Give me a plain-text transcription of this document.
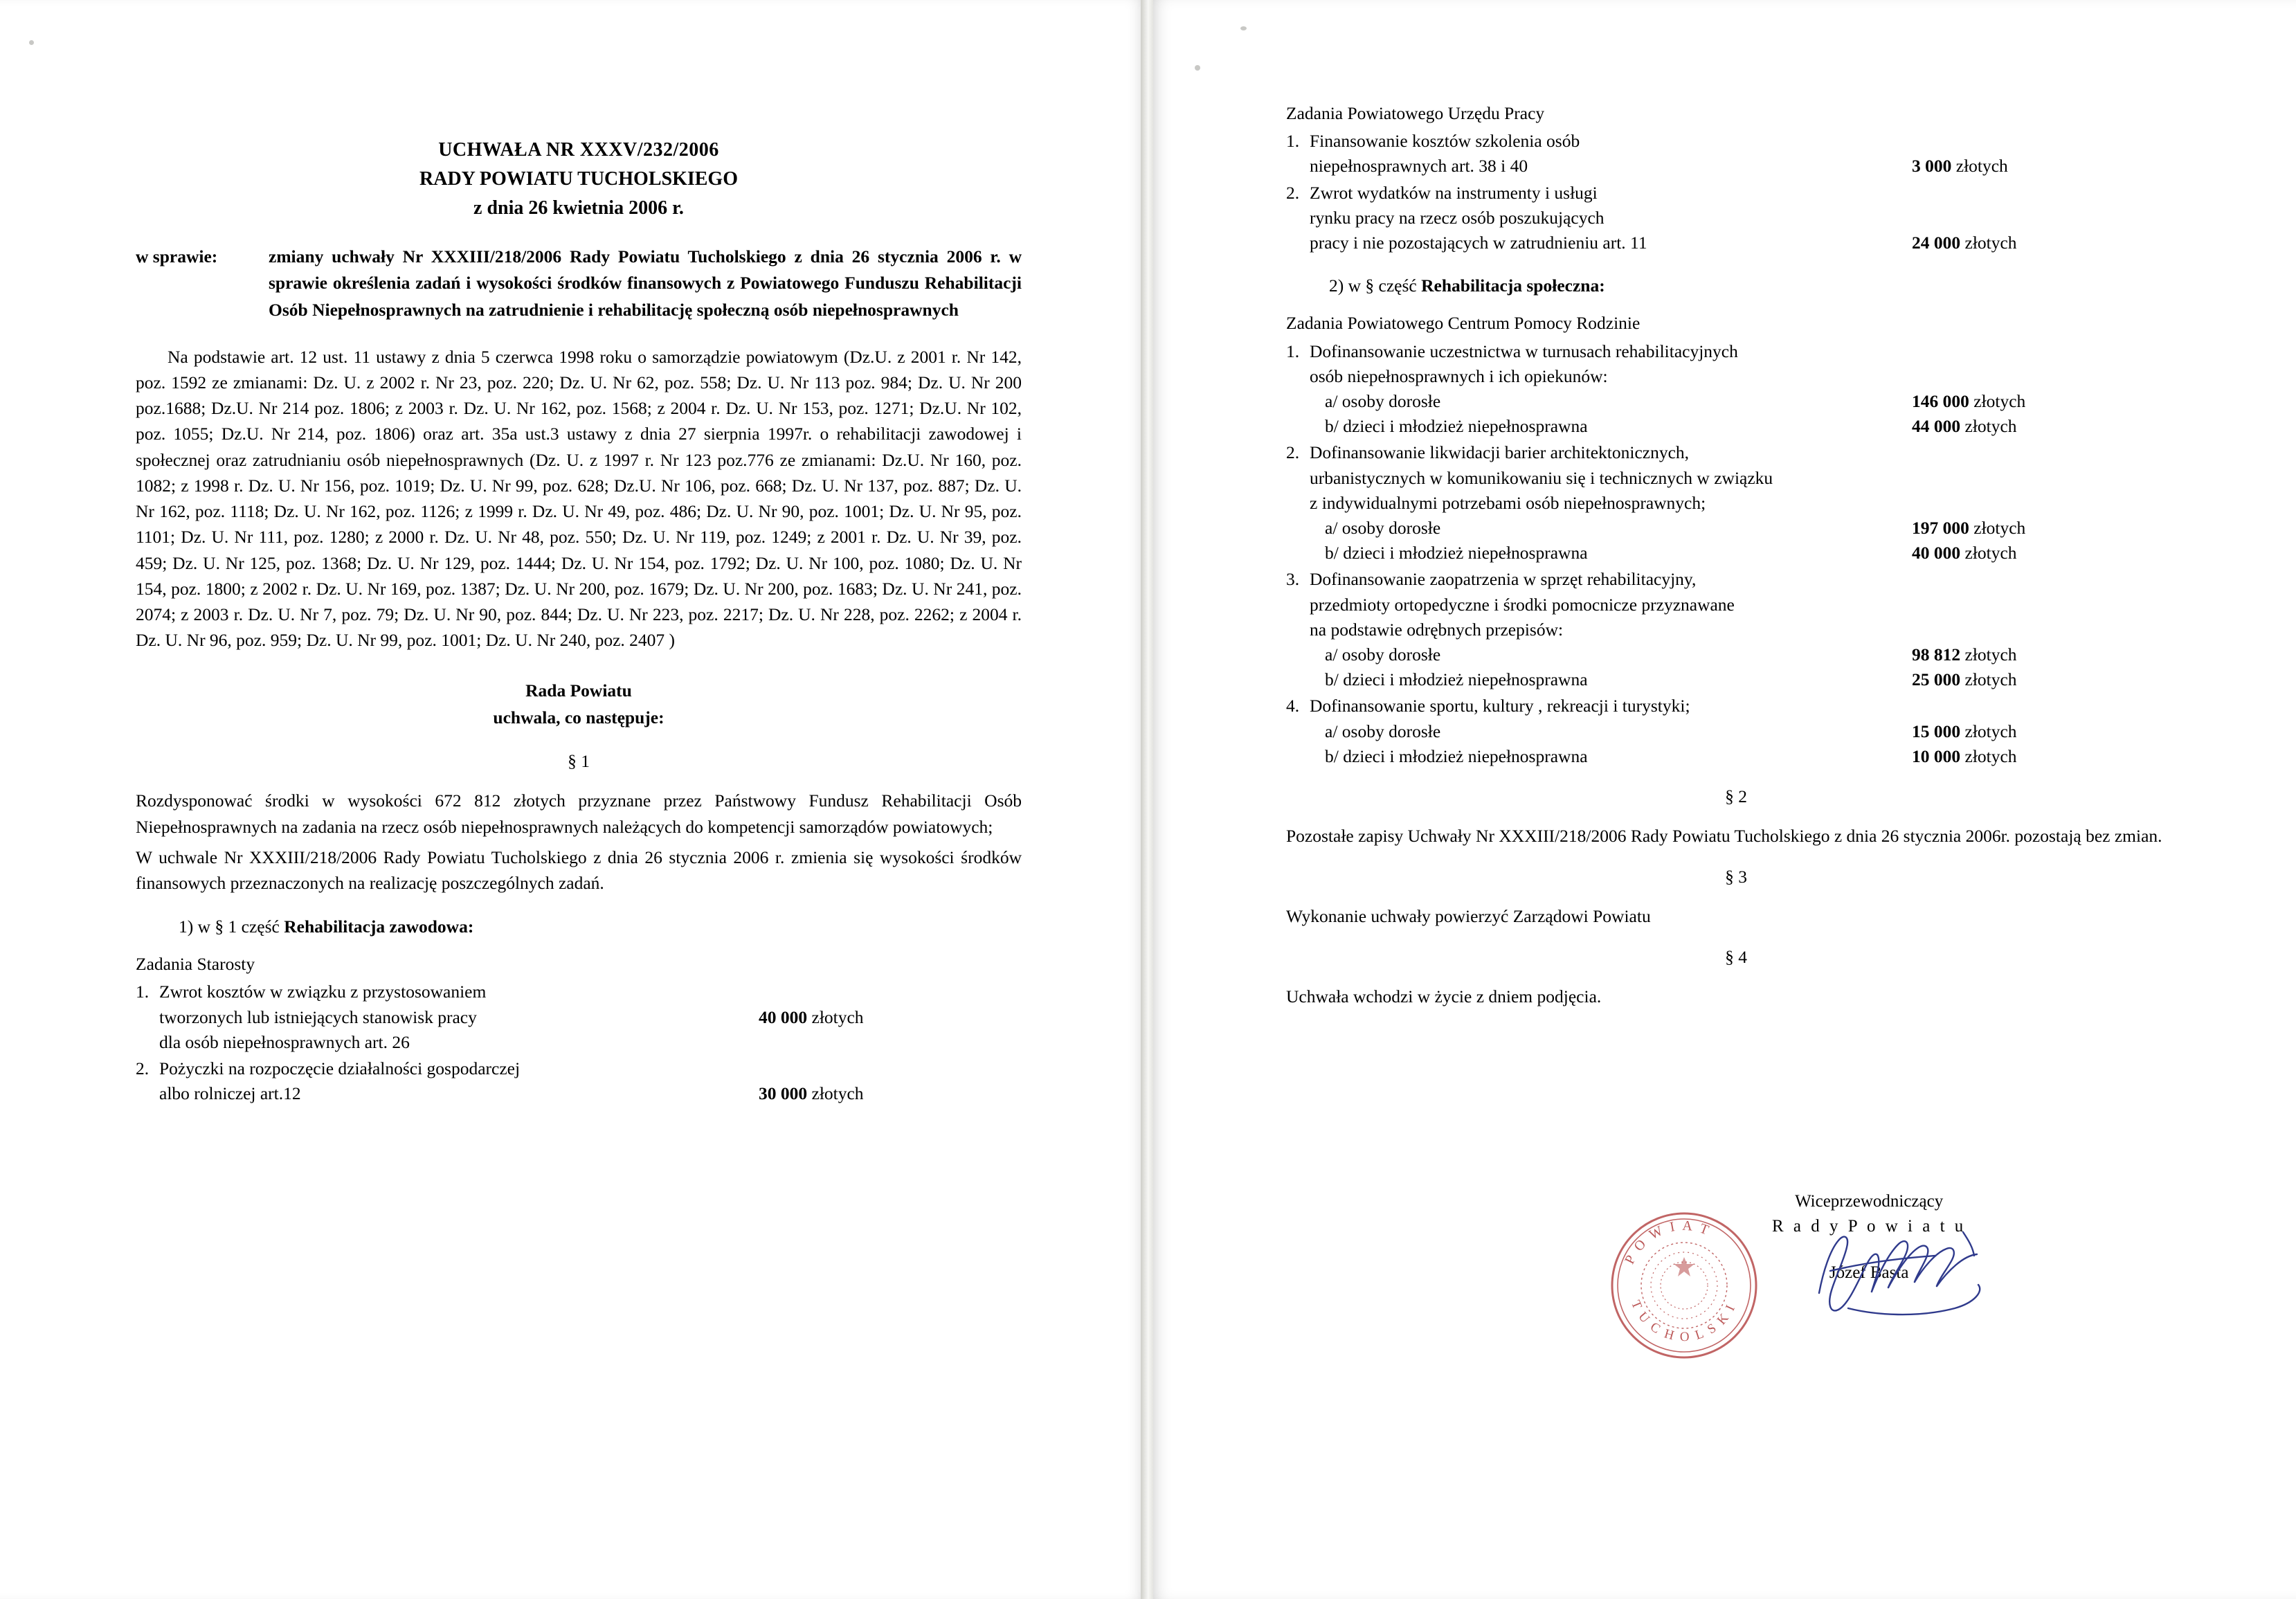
UCHWAŁA NR XXXV/232/2006
RADY POWIATU TUCHOLSKIEGO
z dnia 26 kwietnia 2006 r.
w sprawie:	zmiany uchwały Nr XXXIII/218/2006 Rady Powiatu Tucholskiego z dnia 26 stycznia 2006 r. w sprawie określenia zadań i wysokości środków finansowych z Powiatowego Funduszu Rehabilitacji Osób Niepełnosprawnych na zatrudnienie i rehabilitację społeczną osób niepełnosprawnych
Na podstawie art. 12 ust. 11 ustawy z dnia 5 czerwca 1998 roku o samorządzie powiatowym (Dz.U. z 2001 r. Nr 142, poz. 1592 ze zmianami: Dz. U. z 2002 r. Nr 23, poz. 220; Dz. U. Nr 62, poz. 558; Dz. U. Nr 113 poz. 984; Dz. U. Nr 200 poz.1688; Dz.U. Nr 214 poz. 1806; z 2003 r. Dz. U. Nr 162, poz. 1568; z 2004 r. Dz. U. Nr 153, poz. 1271; Dz.U. Nr 102, poz. 1055; Dz.U. Nr 214, poz. 1806) oraz art. 35a ust.3 ustawy z dnia 27 sierpnia 1997r. o rehabilitacji zawodowej i społecznej oraz zatrudnianiu osób niepełnosprawnych (Dz. U. z 1997 r. Nr 123 poz.776 ze zmianami: Dz.U. Nr 160, poz. 1082; z 1998 r. Dz. U. Nr 156, poz. 1019; Dz. U. Nr 99, poz. 628; Dz.U. Nr 106, poz. 668; Dz. U. Nr 137, poz. 887; Dz. U. Nr 162, poz. 1118; Dz. U. Nr 162, poz. 1126; z 1999 r. Dz. U. Nr 49, poz. 486; Dz. U. Nr 90, poz. 1001; Dz. U. Nr 95, poz. 1101; Dz. U. Nr 111, poz. 1280; z 2000 r. Dz. U. Nr 48, poz. 550; Dz. U. Nr 119, poz. 1249; z 2001 r. Dz. U. Nr 39, poz. 459; Dz. U. Nr 125, poz. 1368; Dz. U. Nr 129, poz. 1444; Dz. U. Nr 154, poz. 1792; Dz. U. Nr 100, poz. 1080; Dz. U. Nr 154, poz. 1800; z 2002 r. Dz. U. Nr 169, poz. 1387; Dz. U. Nr 200, poz. 1679; Dz. U. Nr 200, poz. 1683; Dz. U. Nr 241, poz. 2074; z 2003 r. Dz. U. Nr 7, poz. 79; Dz. U. Nr 90, poz. 844; Dz. U. Nr 223, poz. 2217; Dz. U. Nr 228, poz. 2262; z 2004 r. Dz. U. Nr 96, poz. 959; Dz. U. Nr 99, poz. 1001; Dz. U. Nr 240, poz. 2407 )
Rada Powiatu
uchwala, co następuje:
§ 1
Rozdysponować środki w wysokości 672 812 złotych przyznane przez Państwowy Fundusz Rehabilitacji Osób Niepełnosprawnych na zadania na rzecz osób niepełnosprawnych należących do kompetencji samorządów powiatowych;
W uchwale Nr XXXIII/218/2006 Rady Powiatu Tucholskiego z dnia 26 stycznia 2006 r. zmienia się wysokości środków finansowych przeznaczonych na realizację poszczególnych zadań.
1) w § 1 część Rehabilitacja zawodowa:
Zadania Starosty
1. Zwrot kosztów w związku z przystosowaniem
tworzonych lub istniejących stanowisk pracy	40 000 złotych
dla osób niepełnosprawnych art. 26
2. Pożyczki na rozpoczęcie działalności gospodarczej
albo rolniczej art.12	30 000 złotych
Zadania Powiatowego Urzędu Pracy
1. Finansowanie kosztów szkolenia osób
niepełnosprawnych art. 38 i 40	3 000 złotych
2. Zwrot wydatków na instrumenty i usługi
rynku pracy na rzecz osób poszukujących
pracy i nie pozostających w zatrudnieniu art. 11	24 000 złotych
2) w § część Rehabilitacja społeczna:
Zadania Powiatowego Centrum Pomocy Rodzinie
1. Dofinansowanie uczestnictwa w turnusach rehabilitacyjnych
osób niepełnosprawnych i ich opiekunów:
a/ osoby dorosłe	146 000 złotych
b/ dzieci i młodzież niepełnosprawna	44 000 złotych
2. Dofinansowanie likwidacji barier architektonicznych,
urbanistycznych w komunikowaniu się i technicznych w związku
z indywidualnymi potrzebami osób niepełnosprawnych;
a/ osoby dorosłe	197 000 złotych
b/ dzieci i młodzież niepełnosprawna	40 000 złotych
3. Dofinansowanie zaopatrzenia w sprzęt rehabilitacyjny,
przedmioty ortopedyczne i środki pomocnicze przyznawane
na podstawie odrębnych przepisów:
a/ osoby dorosłe	98 812 złotych
b/ dzieci i młodzież niepełnosprawna	25 000 złotych
4. Dofinansowanie sportu, kultury , rekreacji i turystyki;
a/ osoby dorosłe	15 000 złotych
b/ dzieci i młodzież niepełnosprawna	10 000 złotych
§ 2
Pozostałe zapisy Uchwały Nr XXXIII/218/2006 Rady Powiatu Tucholskiego z dnia 26 stycznia 2006r. pozostają bez zmian.
§ 3
Wykonanie uchwały powierzyć Zarządowi Powiatu
§ 4
Uchwała wchodzi w życie z dniem podjęcia.
Wiceprzewodniczący
R a d y P o w i a t u
Józef Basta
P O W I A T
T U C H O L S K I
